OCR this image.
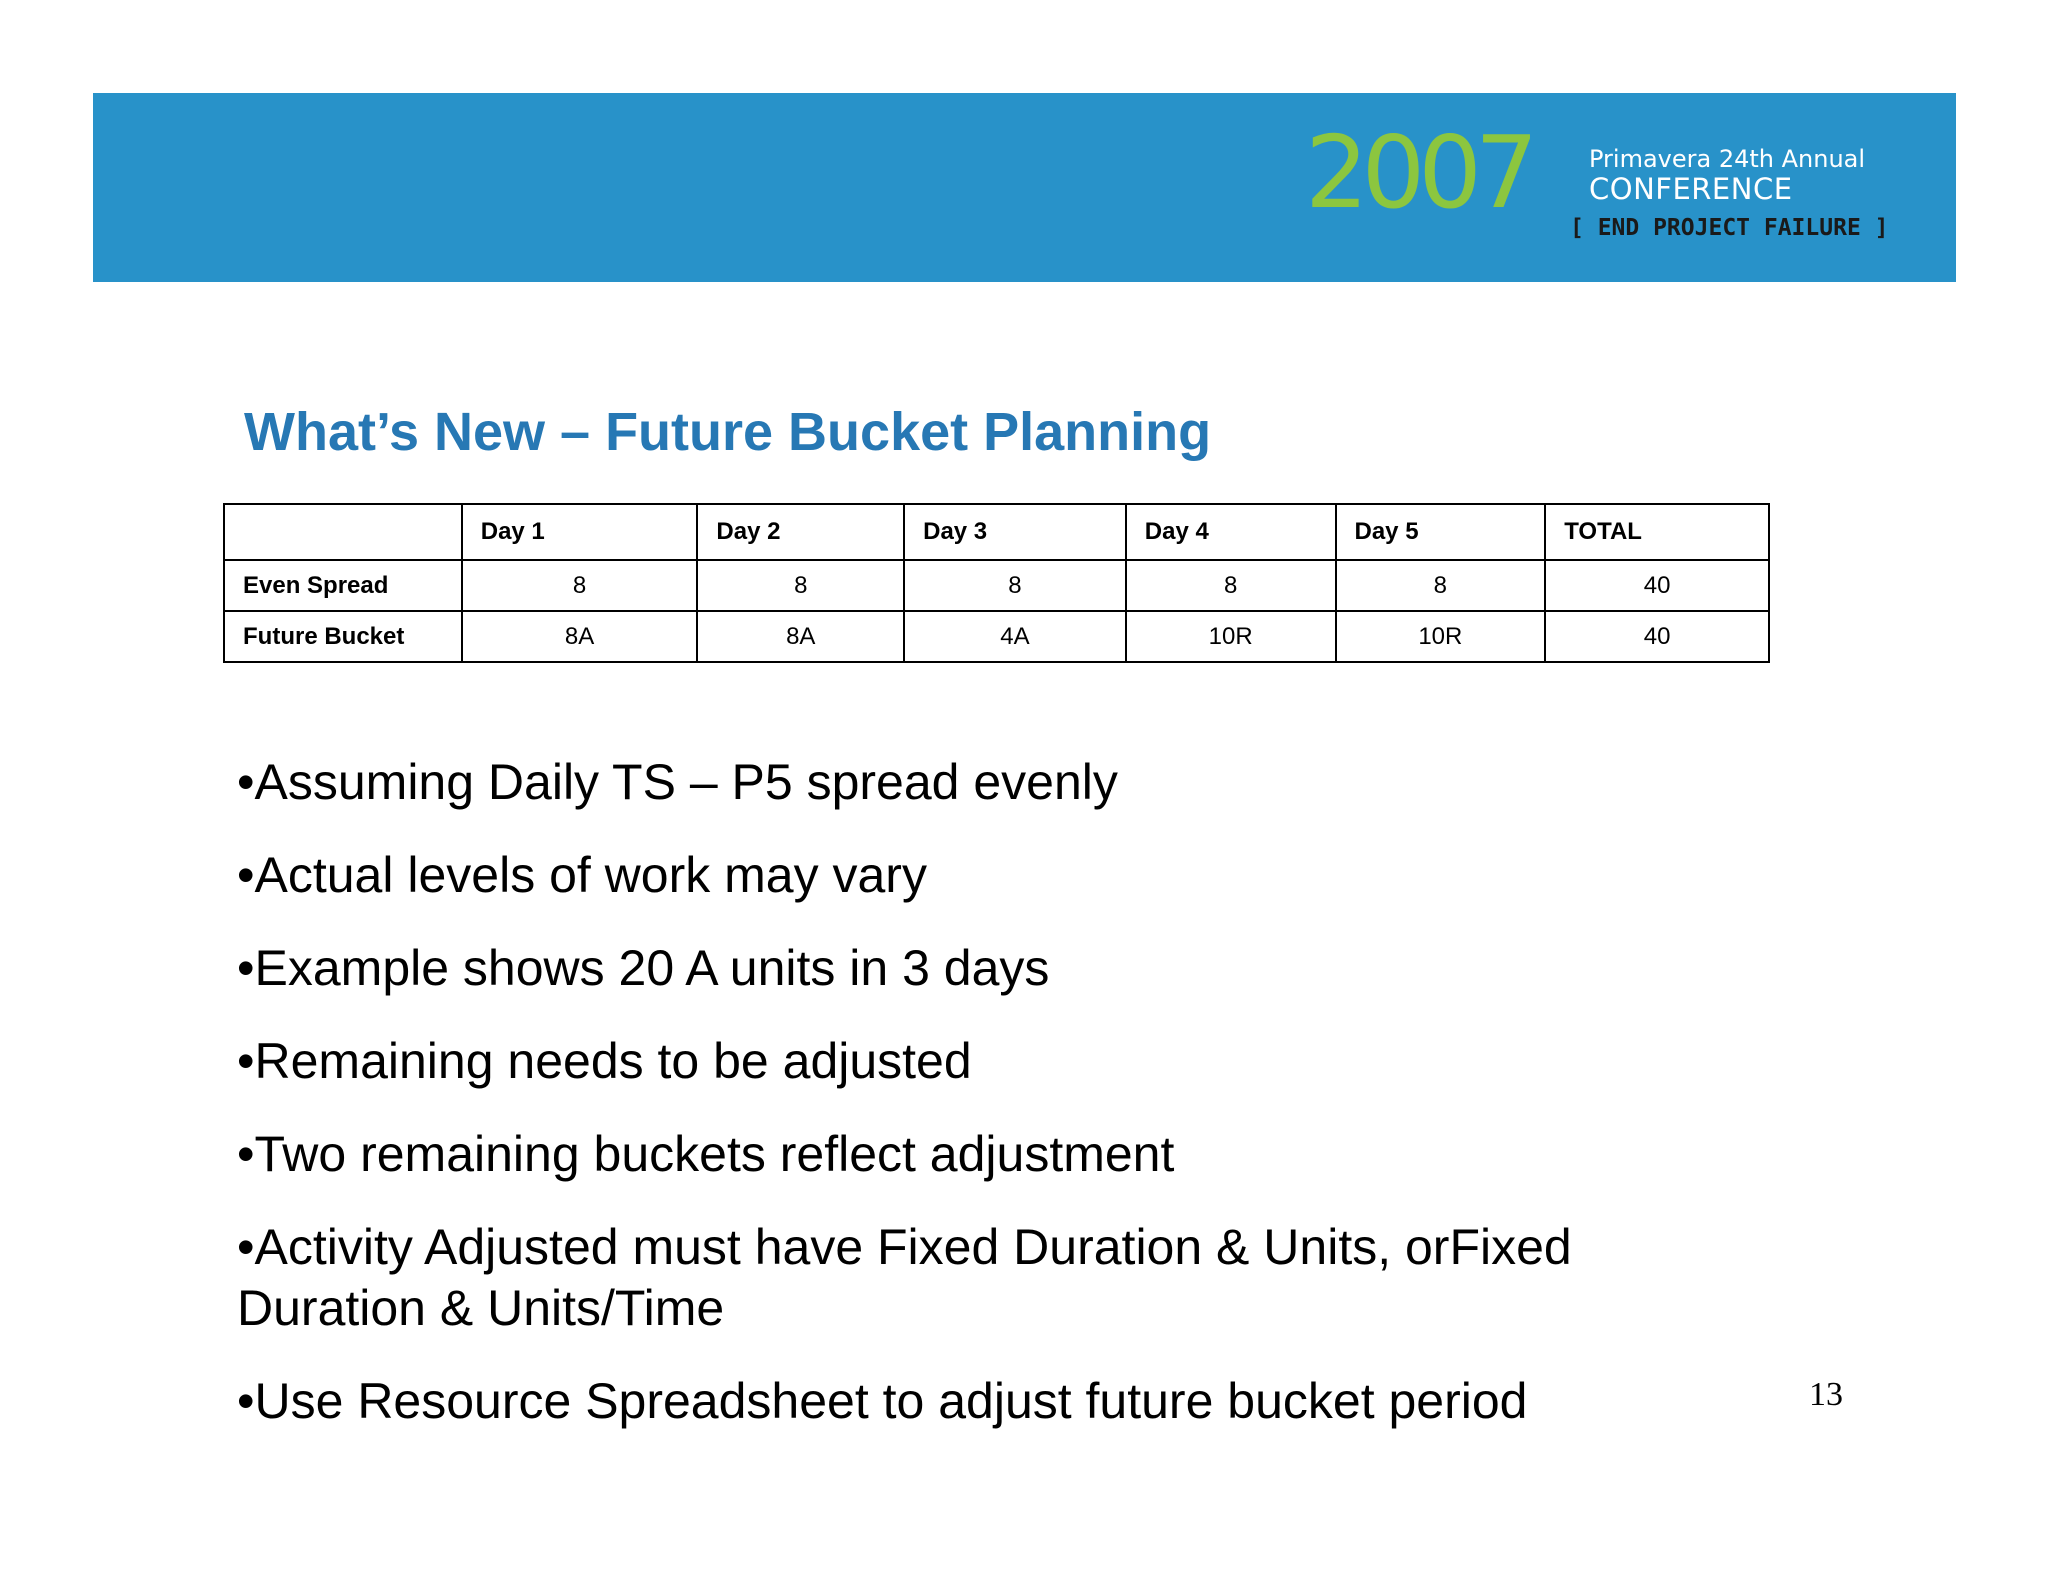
2007 Primavera 24th Annual
CONFERENCE
[ END PROJECT FAILURE ]
What’s New – Future Bucket Planning
	Day 1	Day 2	Day 3	Day 4	Day 5	TOTAL
Even Spread	8	8	8	8	8	40
Future Bucket	8A	8A	4A	10R	10R	40
•Assuming Daily TS – P5 spread evenly
•Actual levels of work may vary
•Example shows 20 A units in 3 days
•Remaining needs to be adjusted
•Two remaining buckets reflect adjustment
•Activity Adjusted must have Fixed Duration & Units, orFixed Duration & Units/Time
•Use Resource Spreadsheet to adjust future bucket period	13
